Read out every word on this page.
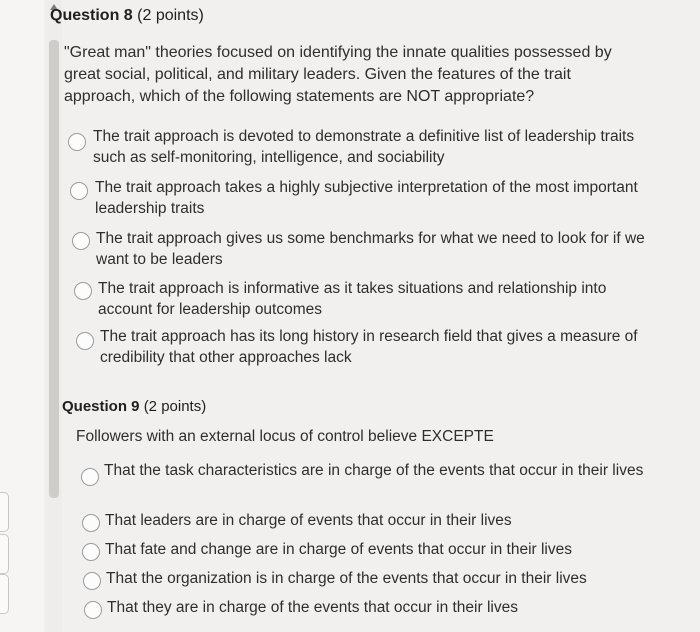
Question 8 (2 points)
"Great man" theories focused on identifying the innate qualities possessed by great social, political, and military leaders. Given the features of the trait approach, which of the following statements are NOT appropriate?
The trait approach is devoted to demonstrate a definitive list of leadership traits such as self-monitoring, intelligence, and sociability
The trait approach takes a highly subjective interpretation of the most important leadership traits
The trait approach gives us some benchmarks for what we need to look for if we want to be leaders
The trait approach is informative as it takes situations and relationship into account for leadership outcomes
The trait approach has its long history in research field that gives a measure of credibility that other approaches lack
Question 9 (2 points)
Followers with an external locus of control believe EXCEPTE
That the task characteristics are in charge of the events that occur in their lives
That leaders are in charge of events that occur in their lives
That fate and change are in charge of events that occur in their lives
That the organization is in charge of the events that occur in their lives
That they are in charge of the events that occur in their lives
